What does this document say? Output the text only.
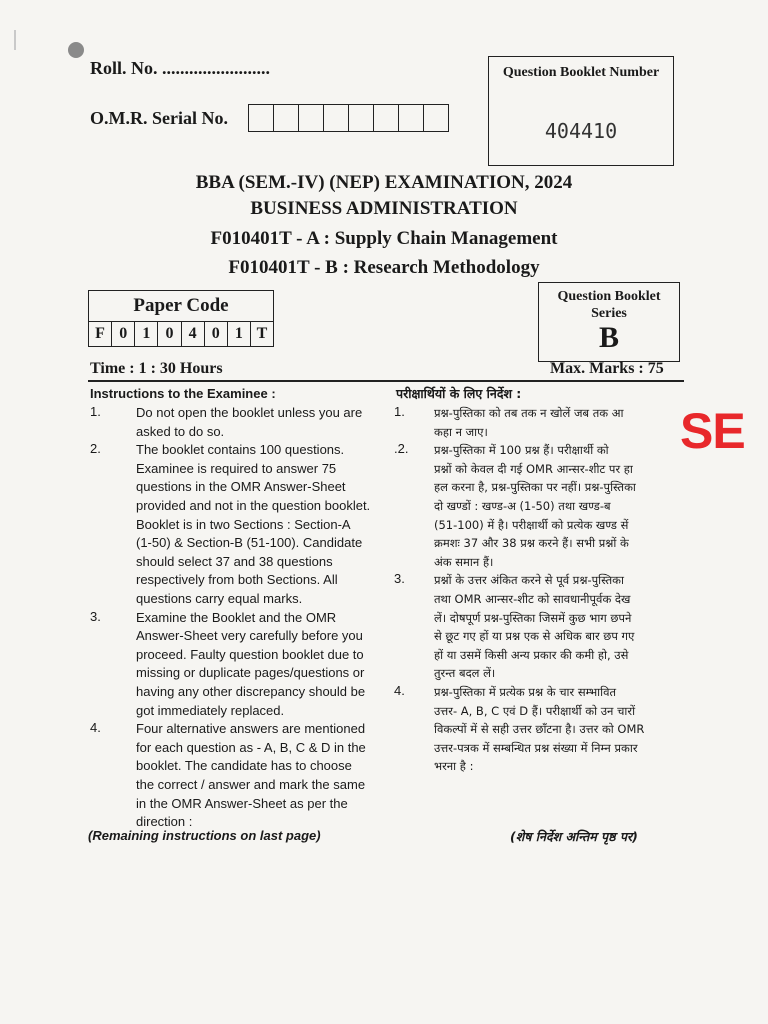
Roll. No. ........................
O.M.R. Serial No.
Question Booklet Number
404410
BBA (SEM.-IV) (NEP) EXAMINATION, 2024
BUSINESS ADMINISTRATION
F010401T - A : Supply Chain Management
F010401T - B : Research Methodology
Paper Code
F 0 1 0 4 0 1 T
Question Booklet
Series
B
Time : 1 : 30 Hours	Max. Marks : 75
Instructions to the Examinee :	परीक्षार्थियों के लिए निर्देश :
1.	Do not open the booklet unless you are
asked to do so.
2.	The booklet contains 100 questions.
Examinee is required to answer 75
questions in the OMR Answer-Sheet
provided and not in the question booklet.
Booklet is in two Sections : Section-A
(1-50) & Section-B (51-100). Candidate
should select 37 and 38 questions
respectively from both Sections. All
questions carry equal marks.
3.	Examine the Booklet and the OMR
Answer-Sheet very carefully before you
proceed. Faulty question booklet due to
missing or duplicate pages/questions or
having any other discrepancy should be
got immediately replaced.
4.	Four alternative answers are mentioned
for each question as - A, B, C & D in the
booklet. The candidate has to choose
the correct / answer and mark the same
in the OMR Answer-Sheet as per the
direction :
1.	प्रश्न-पुस्तिका को तब तक न खोलें जब तक आ
कहा न जाए।
.2. प्रश्न-पुस्तिका में 100 प्रश्न हैं। परीक्षार्थी को
प्रश्नों को केवल दी गई OMR आन्सर-शीट पर हा
हल करना है, प्रश्न-पुस्तिका पर नहीं। प्रश्न-पुस्तिका
दो खण्डों : खण्ड-अ (1-50) तथा खण्ड-ब
(51-100) में है। परीक्षार्थी को प्रत्येक खण्ड सें
क्रमशः 37 और 38 प्रश्न करने हैं। सभी प्रश्नों के
अंक समान हैं।
3.	प्रश्नों के उत्तर अंकित करने से पूर्व प्रश्न-पुस्तिका
तथा OMR आन्सर-शीट को सावधानीपूर्वक देख
लें। दोषपूर्ण प्रश्न-पुस्तिका जिसमें कुछ भाग छपने
से छूट गए हों या प्रश्न एक से अधिक बार छप गए
हों या उसमें किसी अन्य प्रकार की कमी हो, उसे
तुरन्त बदल लें।
4.	प्रश्न-पुस्तिका में प्रत्येक प्रश्न के चार सम्भावित
उत्तर- A, B, C एवं D हैं। परीक्षार्थी को उन चारों
विकल्पों में से सही उत्तर छाँटना है। उत्तर को OMR
उत्तर-पत्रक में सम्बन्धित प्रश्न संख्या में निम्न प्रकार
भरना है :
(Remaining instructions on last page)	(शेष निर्देश अन्तिम पृष्ठ पर)
SE
